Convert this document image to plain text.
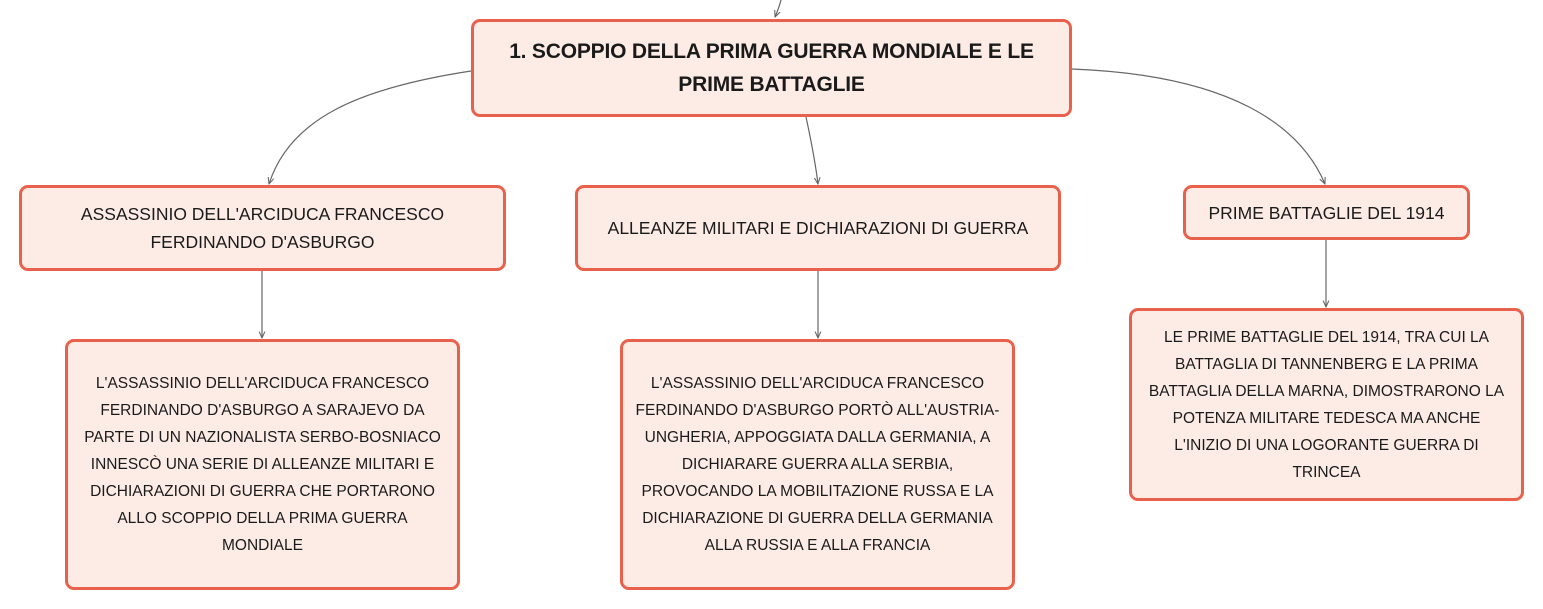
1. SCOPPIO DELLA PRIMA GUERRA MONDIALE E LE PRIME BATTAGLIE
ASSASSINIO DELL'ARCIDUCA FRANCESCO FERDINANDO D'ASBURGO
ALLEANZE MILITARI E DICHIARAZIONI DI GUERRA
PRIME BATTAGLIE DEL 1914
L'ASSASSINIO DELL'ARCIDUCA FRANCESCO FERDINANDO D'ASBURGO A SARAJEVO DA PARTE DI UN NAZIONALISTA SERBO-BOSNIACO INNESCÒ UNA SERIE DI ALLEANZE MILITARI E DICHIARAZIONI DI GUERRA CHE PORTARONO ALLO SCOPPIO DELLA PRIMA GUERRA MONDIALE
L'ASSASSINIO DELL'ARCIDUCA FRANCESCO FERDINANDO D'ASBURGO PORTÒ ALL'AUSTRIA-UNGHERIA, APPOGGIATA DALLA GERMANIA, A DICHIARARE GUERRA ALLA SERBIA, PROVOCANDO LA MOBILITAZIONE RUSSA E LA DICHIARAZIONE DI GUERRA DELLA GERMANIA ALLA RUSSIA E ALLA FRANCIA
LE PRIME BATTAGLIE DEL 1914, TRA CUI LA BATTAGLIA DI TANNENBERG E LA PRIMA BATTAGLIA DELLA MARNA, DIMOSTRARONO LA POTENZA MILITARE TEDESCA MA ANCHE L'INIZIO DI UNA LOGORANTE GUERRA DI TRINCEA
